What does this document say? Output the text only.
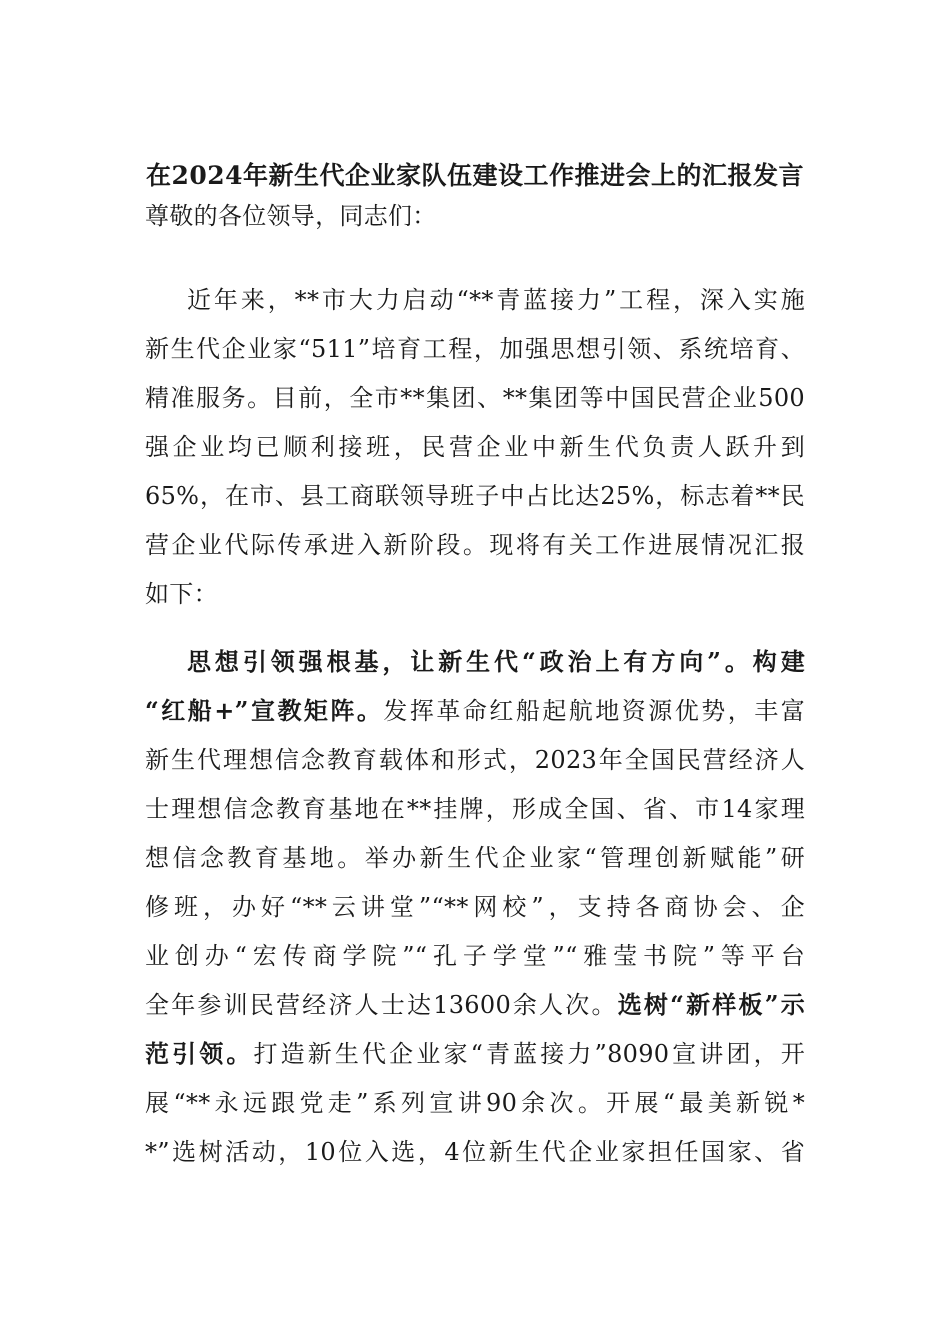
在2024年新生代企业家队伍建设工作推进会上的汇报发言
尊敬的各位领导，同志们：
近年来，**市大力启动“**青蓝接力”工程，深入实施
新生代企业家“511”培育工程，加强思想引领、系统培育、
精准服务。目前，全市**集团、**集团等中国民营企业500
强企业均已顺利接班，民营企业中新生代负责人跃升到
65%，在市、县工商联领导班子中占比达25%，标志着**民
营企业代际传承进入新阶段。现将有关工作进展情况汇报
如下：
思想引领强根基，让新生代“政治上有方向”。构建
“红船+”宣教矩阵。发挥革命红船起航地资源优势，丰富
新生代理想信念教育载体和形式，2023年全国民营经济人
士理想信念教育基地在**挂牌，形成全国、省、市14家理
想信念教育基地。举办新生代企业家“管理创新赋能”研
修班，办好“**云讲堂”“**网校”，支持各商协会、企
业创办“宏传商学院”“孔子学堂”“雅莹书院”等平台
全年参训民营经济人士达13600余人次。选树“新样板”示
范引领。打造新生代企业家“青蓝接力”8090宣讲团，开
展“**永远跟党走”系列宣讲90余次。开展“最美新锐*
*”选树活动，10位入选，4位新生代企业家担任国家、省
